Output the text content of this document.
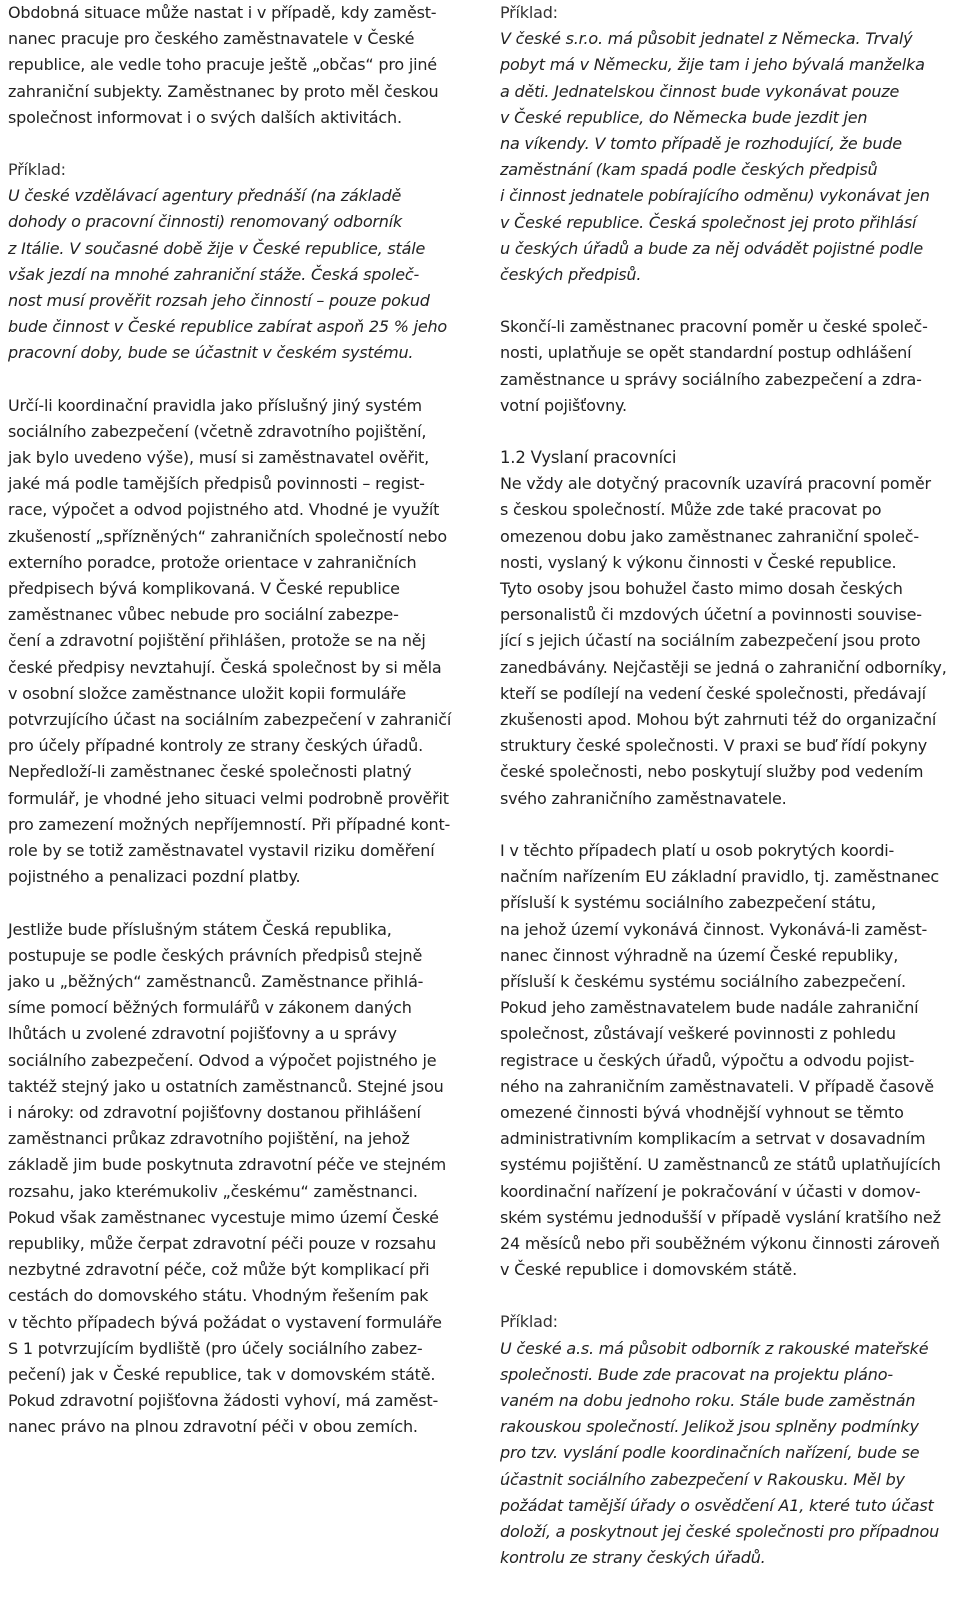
Obdobná situace může nastat i v případě, kdy zaměst-
nanec pracuje pro českého zaměstnavatele v České
republice, ale vedle toho pracuje ještě „občas“ pro jiné
zahraniční subjekty. Zaměstnanec by proto měl českou
společnost informovat i o svých dalších aktivitách.

Příklad:

U české vzdělávací agentury přednáší (na základě
dohody o pracovní činnosti) renomovaný odborník
z Itálie. V současné době žije v České republice, stále
však jezdí na mnohé zahraniční stáže. Česká společ-
nost musí prověřit rozsah jeho činností – pouze pokud
bude činnost v České republice zabírat aspoň 25 % jeho
pracovní doby, bude se účastnit v českém systému.

Určí-li koordinační pravidla jako příslušný jiný systém
sociálního zabezpečení (včetně zdravotního pojištění,
jak bylo uvedeno výše), musí si zaměstnavatel ověřit,
jaké má podle tamějších předpisů povinnosti – regist-
race, výpočet a odvod pojistného atd. Vhodné je využít
zkušeností „spřízněných“ zahraničních společností nebo
externího poradce, protože orientace v zahraničních
předpisech bývá komplikovaná. V České republice
zaměstnanec vůbec nebude pro sociální zabezpe-
čení a zdravotní pojištění přihlášen, protože se na něj
české předpisy nevztahují. Česká společnost by si měla
v osobní složce zaměstnance uložit kopii formuláře
potvrzujícího účast na sociálním zabezpečení v zahraničí
pro účely případné kontroly ze strany českých úřadů.
Nepředloží-li zaměstnanec české společnosti platný
formulář, je vhodné jeho situaci velmi podrobně prověřit
pro zamezení možných nepříjemností. Při případné kont-
role by se totiž zaměstnavatel vystavil riziku doměření
pojistného a penalizaci pozdní platby.

Jestliže bude příslušným státem Česká republika,
postupuje se podle českých právních předpisů stejně
jako u „běžných“ zaměstnanců. Zaměstnance přihlá-
síme pomocí běžných formulářů v zákonem daných
lhůtách u zvolené zdravotní pojišťovny a u správy
sociálního zabezpečení. Odvod a výpočet pojistného je
taktéž stejný jako u ostatních zaměstnanců. Stejné jsou
i nároky: od zdravotní pojišťovny dostanou přihlášení
zaměstnanci průkaz zdravotního pojištění, na jehož
základě jim bude poskytnuta zdravotní péče ve stejném
rozsahu, jako kterémukoliv „českému“ zaměstnanci.
Pokud však zaměstnanec vycestuje mimo území České
republiky, může čerpat zdravotní péči pouze v rozsahu
nezbytné zdravotní péče, což může být komplikací při
cestách do domovského státu. Vhodným řešením pak
v těchto případech bývá požádat o vystavení formuláře
S 1 potvrzujícím bydliště (pro účely sociálního zabez-
pečení) jak v České republice, tak v domovském státě.
Pokud zdravotní pojišťovna žádosti vyhoví, má zaměst-
nanec právo na plnou zdravotní péči v obou zemích.

Příklad:

V české s.r.o. má působit jednatel z Německa. Trvalý
pobyt má v Německu, žije tam i jeho bývalá manželka
a děti. Jednatelskou činnost bude vykonávat pouze
v České republice, do Německa bude jezdit jen
na víkendy. V tomto případě je rozhodující, že bude
zaměstnání (kam spadá podle českých předpisů
i činnost jednatele pobírajícího odměnu) vykonávat jen
v České republice. Česká společnost jej proto přihlásí
u českých úřadů a bude za něj odvádět pojistné podle
českých předpisů.

Skončí-li zaměstnanec pracovní poměr u české společ-
nosti, uplatňuje se opět standardní postup odhlášení
zaměstnance u správy sociálního zabezpečení a zdra-
votní pojišťovny.

1.2 Vyslaní pracovníci

Ne vždy ale dotyčný pracovník uzavírá pracovní poměr
s českou společností. Může zde také pracovat po
omezenou dobu jako zaměstnanec zahraniční společ-
nosti, vyslaný k výkonu činnosti v České republice.
Tyto osoby jsou bohužel často mimo dosah českých
personalistů či mzdových účetní a povinnosti souvise-
jící s jejich účastí na sociálním zabezpečení jsou proto
zanedbávány. Nejčastěji se jedná o zahraniční odborníky,
kteří se podílejí na vedení české společnosti, předávají
zkušenosti apod. Mohou být zahrnuti též do organizační
struktury české společnosti. V praxi se buď řídí pokyny
české společnosti, nebo poskytují služby pod vedením
svého zahraničního zaměstnavatele.

I v těchto případech platí u osob pokrytých koordi-
načním nařízením EU základní pravidlo, tj. zaměstnanec
přísluší k systému sociálního zabezpečení státu,
na jehož území vykonává činnost. Vykonává-li zaměst-
nanec činnost výhradně na území České republiky,
přísluší k českému systému sociálního zabezpečení.
Pokud jeho zaměstnavatelem bude nadále zahraniční
společnost, zůstávají veškeré povinnosti z pohledu
registrace u českých úřadů, výpočtu a odvodu pojist-
ného na zahraničním zaměstnavateli. V případě časově
omezené činnosti bývá vhodnější vyhnout se těmto
administrativním komplikacím a setrvat v dosavadním
systému pojištění. U zaměstnanců ze států uplatňujících
koordinační nařízení je pokračování v účasti v domov-
ském systému jednodušší v případě vyslání kratšího než
24 měsíců nebo při souběžném výkonu činnosti zároveň
v České republice i domovském státě.

Příklad:

U české a.s. má působit odborník z rakouské mateřské
společnosti. Bude zde pracovat na projektu pláno-
vaném na dobu jednoho roku. Stále bude zaměstnán
rakouskou společností. Jelikož jsou splněny podmínky
pro tzv. vyslání podle koordinačních nařízení, bude se
účastnit sociálního zabezpečení v Rakousku. Měl by
požádat tamější úřady o osvědčení A1, které tuto účast
doloží, a poskytnout jej české společnosti pro případnou
kontrolu ze strany českých úřadů.
